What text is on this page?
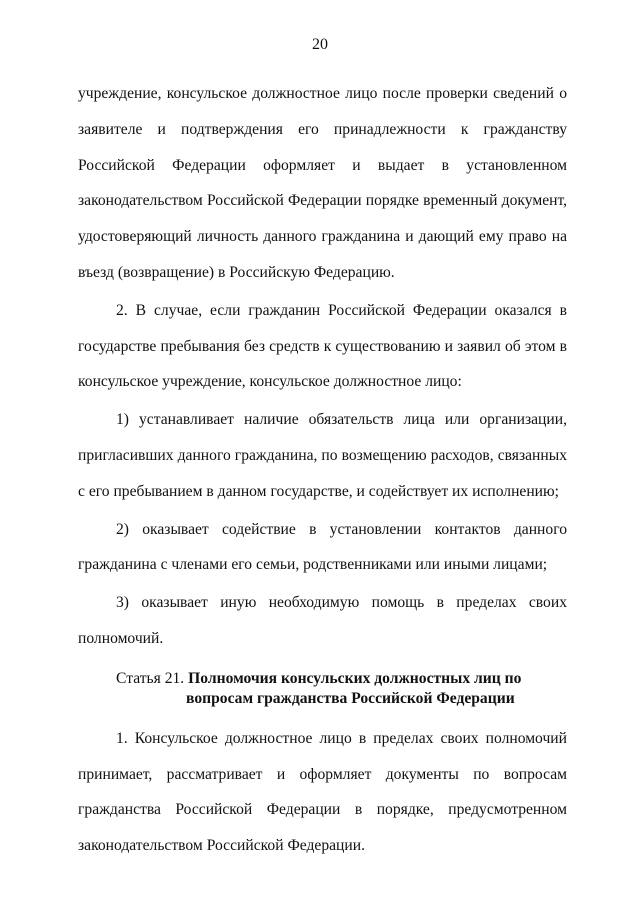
20

учреждение, консульское должностное лицо после проверки сведений о заявителе и подтверждения его принадлежности к гражданству Российской Федерации оформляет и выдает в установленном законодательством Российской Федерации порядке временный документ, удостоверяющий личность данного гражданина и дающий ему право на въезд (возвращение) в Российскую Федерацию.

2. В случае, если гражданин Российской Федерации оказался в государстве пребывания без средств к существованию и заявил об этом в консульское учреждение, консульское должностное лицо:

1) устанавливает наличие обязательств лица или организации, пригласивших данного гражданина, по возмещению расходов, связанных с его пребыванием в данном государстве, и содействует их исполнению;

2) оказывает содействие в установлении контактов данного гражданина с членами его семьи, родственниками или иными лицами;

3) оказывает иную необходимую помощь в пределах своих полномочий.

Статья 21. Полномочия консульских должностных лиц по
вопросам гражданства Российской Федерации

1. Консульское должностное лицо в пределах своих полномочий принимает, рассматривает и оформляет документы по вопросам гражданства Российской Федерации в порядке, предусмотренном законодательством Российской Федерации.
